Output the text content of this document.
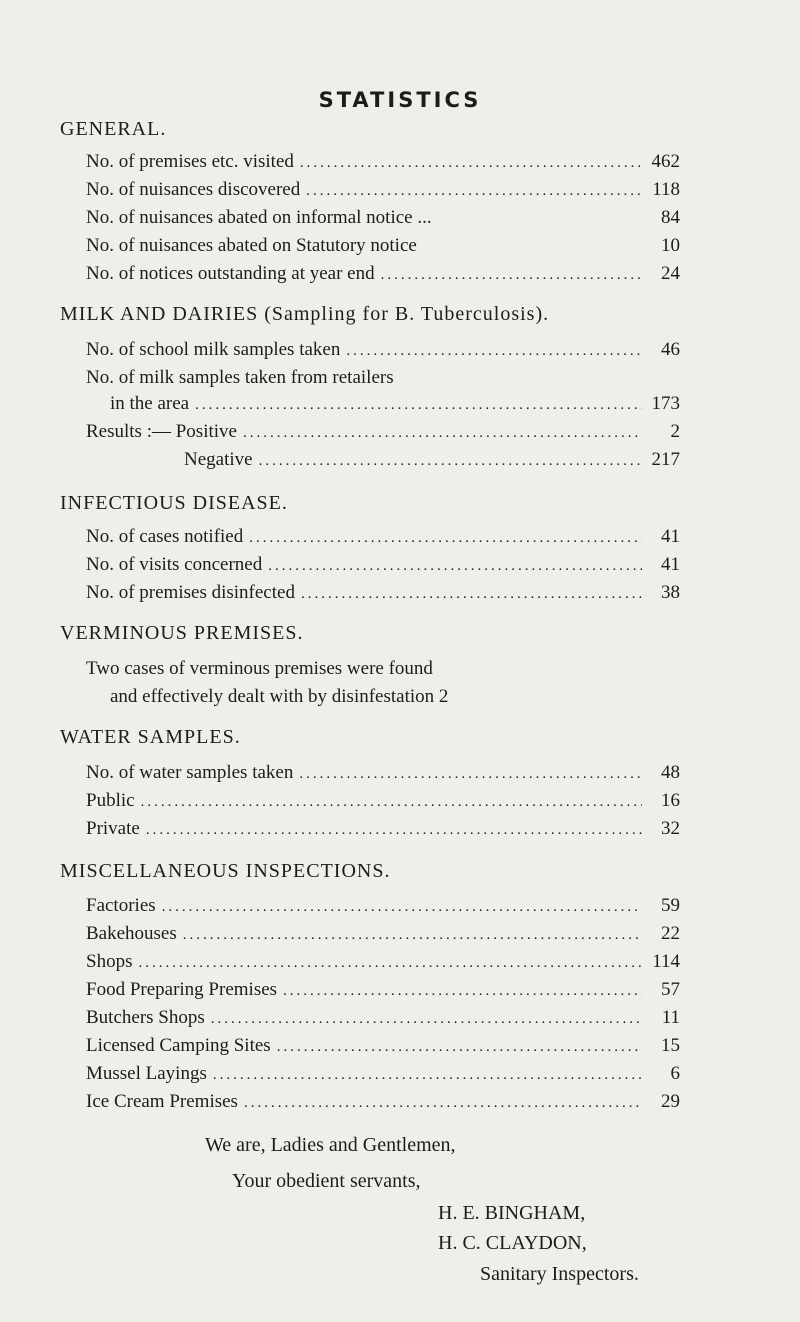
STATISTICS
GENERAL.
No. of premises etc. visited .....	462
No. of nuisances discovered .....	118
No. of nuisances abated on informal notice ...	84
No. of nuisances abated on Statutory notice	10
No. of notices outstanding at year end .....	24
MILK AND DAIRIES (Sampling for B. Tuberculosis).
No. of school milk samples taken .....	46
No. of milk samples taken from retailers
in the area .....	173
Results :— Positive .....	2
Negative .....	217
INFECTIOUS DISEASE.
No. of cases notified .....	41
No. of visits concerned .....	41
No. of premises disinfected .....	38
VERMINOUS PREMISES.
Two cases of verminous premises were found
and effectively dealt with by disinfestation 2
WATER SAMPLES.
No. of water samples taken .....	48
Public .....	16
Private .....	32
MISCELLANEOUS INSPECTIONS.
Factories .....	59
Bakehouses .....	22
Shops .....	114
Food Preparing Premises .....	57
Butchers Shops .....	11
Licensed Camping Sites .....	15
Mussel Layings .....	6
Ice Cream Premises .....	29
We are, Ladies and Gentlemen,
Your obedient servants,
H. E. BINGHAM,
H. C. CLAYDON,
Sanitary Inspectors.
